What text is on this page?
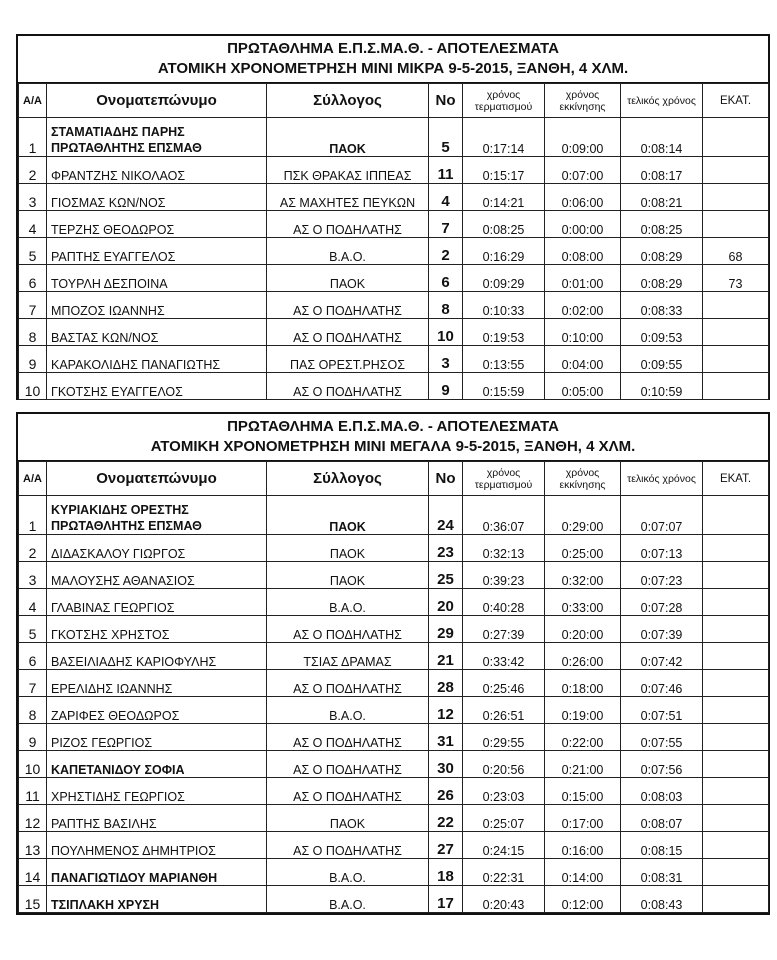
ΠΡΩΤΑΘΛΗΜΑ Ε.Π.Σ.ΜΑ.Θ. - ΑΠΟΤΕΛΕΣΜΑΤΑ
ΑΤΟΜΙΚΗ ΧΡΟΝΟΜΕΤΡΗΣΗ ΜΙΝΙ ΜΙΚΡΑ 9-5-2015, ΞΑΝΘΗ, 4 ΧΛΜ.
Α/Α	Ονοματεπώνυμο	Σύλλογος	Νο	χρόνος τερματισμού	χρόνος εκκίνησης	τελικός χρόνος	ΕΚΑΤ.
1	ΣΤΑΜΑΤΙΑΔΗΣ ΠΑΡΗΣ
ΠΡΩΤΑΘΛΗΤΗΣ ΕΠΣΜΑΘ	ΠΑΟΚ	5	0:17:14	0:09:00	0:08:14	
2	ΦΡΑΝΤΖΗΣ ΝΙΚΟΛΑΟΣ	ΠΣΚ ΘΡΑΚΑΣ ΙΠΠΕΑΣ	11	0:15:17	0:07:00	0:08:17	
3	ΓΙΟΣΜΑΣ ΚΩΝ/ΝΟΣ	ΑΣ ΜΑΧΗΤΕΣ ΠΕΥΚΩΝ	4	0:14:21	0:06:00	0:08:21	
4	ΤΕΡΖΗΣ ΘΕΟΔΩΡΟΣ	ΑΣ Ο ΠΟΔΗΛΑΤΗΣ	7	0:08:25	0:00:00	0:08:25	
5	ΡΑΠΤΗΣ ΕΥΑΓΓΕΛΟΣ	Β.Α.Ο.	2	0:16:29	0:08:00	0:08:29	68
6	ΤΟΥΡΛΗ ΔΕΣΠΟΙΝΑ	ΠΑΟΚ	6	0:09:29	0:01:00	0:08:29	73
7	ΜΠΟΖΟΣ ΙΩΑΝΝΗΣ	ΑΣ Ο ΠΟΔΗΛΑΤΗΣ	8	0:10:33	0:02:00	0:08:33	
8	ΒΑΣΤΑΣ ΚΩΝ/ΝΟΣ	ΑΣ Ο ΠΟΔΗΛΑΤΗΣ	10	0:19:53	0:10:00	0:09:53	
9	ΚΑΡΑΚΟΛΙΔΗΣ ΠΑΝΑΓΙΩΤΗΣ	ΠΑΣ ΟΡΕΣΤ.ΡΗΣΟΣ	3	0:13:55	0:04:00	0:09:55	
10	ΓΚΟΤΣΗΣ ΕΥΑΓΓΕΛΟΣ	ΑΣ Ο ΠΟΔΗΛΑΤΗΣ	9	0:15:59	0:05:00	0:10:59	
ΠΡΩΤΑΘΛΗΜΑ Ε.Π.Σ.ΜΑ.Θ. - ΑΠΟΤΕΛΕΣΜΑΤΑ
ΑΤΟΜΙΚΗ ΧΡΟΝΟΜΕΤΡΗΣΗ ΜΙΝΙ ΜΕΓΑΛΑ 9-5-2015, ΞΑΝΘΗ, 4 ΧΛΜ.
Α/Α	Ονοματεπώνυμο	Σύλλογος	Νο	χρόνος τερματισμού	χρόνος εκκίνησης	τελικός χρόνος	ΕΚΑΤ.
1	ΚΥΡΙΑΚΙΔΗΣ ΟΡΕΣΤΗΣ
ΠΡΩΤΑΘΛΗΤΗΣ ΕΠΣΜΑΘ	ΠΑΟΚ	24	0:36:07	0:29:00	0:07:07	
2	ΔΙΔΑΣΚΑΛΟΥ ΓΙΩΡΓΟΣ	ΠΑΟΚ	23	0:32:13	0:25:00	0:07:13	
3	ΜΑΛΟΥΣΗΣ ΑΘΑΝΑΣΙΟΣ	ΠΑΟΚ	25	0:39:23	0:32:00	0:07:23	
4	ΓΛΑΒΙΝΑΣ ΓΕΩΡΓΙΟΣ	Β.Α.Ο.	20	0:40:28	0:33:00	0:07:28	
5	ΓΚΟΤΣΗΣ ΧΡΗΣΤΟΣ	ΑΣ Ο ΠΟΔΗΛΑΤΗΣ	29	0:27:39	0:20:00	0:07:39	
6	ΒΑΣΕΙΛΙΑΔΗΣ ΚΑΡΙΟΦΥΛΗΣ	ΤΣΙΑΣ ΔΡΑΜΑΣ	21	0:33:42	0:26:00	0:07:42	
7	ΕΡΕΛΙΔΗΣ ΙΩΑΝΝΗΣ	ΑΣ Ο ΠΟΔΗΛΑΤΗΣ	28	0:25:46	0:18:00	0:07:46	
8	ΖΑΡΙΦΕΣ ΘΕΟΔΩΡΟΣ	Β.Α.Ο.	12	0:26:51	0:19:00	0:07:51	
9	ΡΙΖΟΣ ΓΕΩΡΓΙΟΣ	ΑΣ Ο ΠΟΔΗΛΑΤΗΣ	31	0:29:55	0:22:00	0:07:55	
10	ΚΑΠΕΤΑΝΙΔΟΥ ΣΟΦΙΑ	ΑΣ Ο ΠΟΔΗΛΑΤΗΣ	30	0:20:56	0:21:00	0:07:56	
11	ΧΡΗΣΤΙΔΗΣ ΓΕΩΡΓΙΟΣ	ΑΣ Ο ΠΟΔΗΛΑΤΗΣ	26	0:23:03	0:15:00	0:08:03	
12	ΡΑΠΤΗΣ ΒΑΣΙΛΗΣ	ΠΑΟΚ	22	0:25:07	0:17:00	0:08:07	
13	ΠΟΥΛΗΜΕΝΟΣ ΔΗΜΗΤΡΙΟΣ	ΑΣ Ο ΠΟΔΗΛΑΤΗΣ	27	0:24:15	0:16:00	0:08:15	
14	ΠΑΝΑΓΙΩΤΙΔΟΥ ΜΑΡΙΑΝΘΗ	Β.Α.Ο.	18	0:22:31	0:14:00	0:08:31	
15	ΤΣΙΠΛΑΚΗ ΧΡΥΣΗ	Β.Α.Ο.	17	0:20:43	0:12:00	0:08:43	
